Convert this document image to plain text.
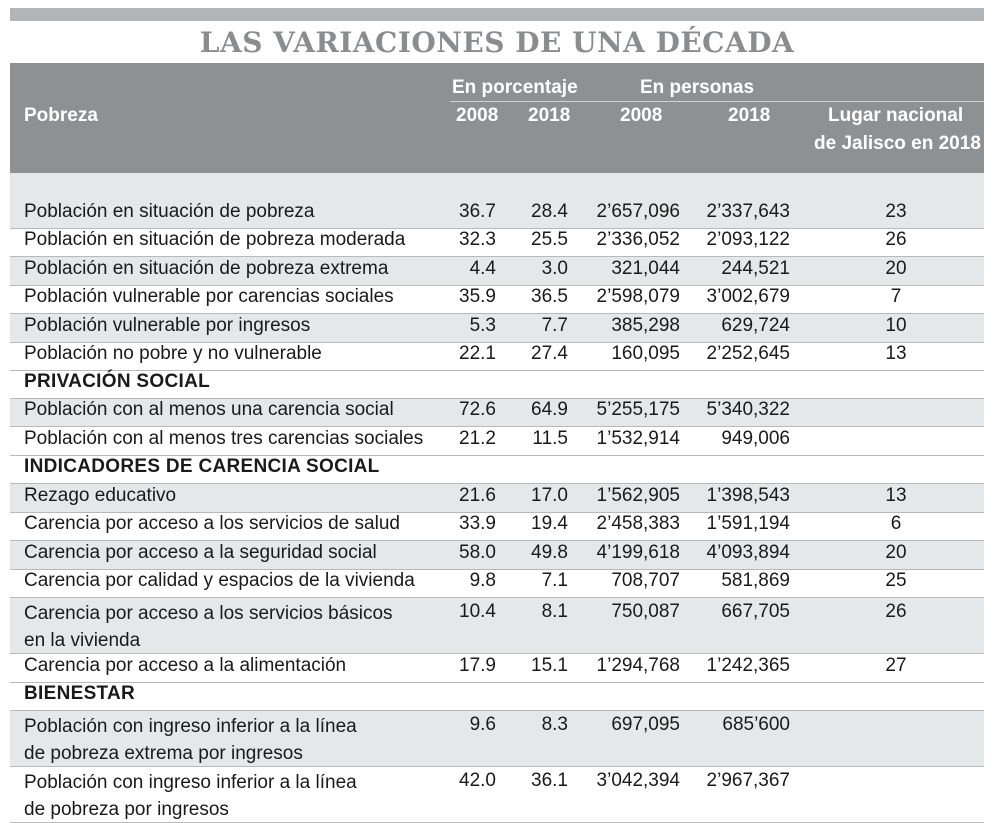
LAS VARIACIONES DE UNA DÉCADA
En porcentaje	En personas
Pobreza	2008 2018	2008	2018	Lugar nacional
de Jalisco en 2018
Población en situación de pobreza	36.7 28.4 2’657,096 2’337,643	23
Población en situación de pobreza moderada	32.3 25.5 2’336,052 2’093,122	26
Población en situación de pobreza extrema	4.4 3.0 321,044 244,521	20
Población vulnerable por carencias sociales	35.9 36.5 2’598,079 3’002,679	7
Población vulnerable por ingresos	5.3 7.7 385,298 629,724	10
Población no pobre y no vulnerable	22.1 27.4 160,095 2’252,645	13
PRIVACIÓN SOCIAL
Población con al menos una carencia social	72.6 64.9 5’255,175 5’340,322
Población con al menos tres carencias sociales 21.2 11.5 1’532,914 949,006
INDICADORES DE CARENCIA SOCIAL
Rezago educativo	21.6 17.0 1’562,905 1’398,543	13
Carencia por acceso a los servicios de salud	33.9 19.4 2’458,383 1’591,194	6
Carencia por acceso a la seguridad social	58.0 49.8 4’199,618 4’093,894	20
Carencia por calidad y espacios de la vivienda	9.8 7.1 708,707 581,869	25
Carencia por acceso a los servicios básicos
en la vivienda
10.4 8.1 750,087 667,705	26
Carencia por acceso a la alimentación	17.9 15.1 1’294,768 1’242,365	27
BIENESTAR
Población con ingreso inferior a la línea
de pobreza extrema por ingresos
9.6 8.3 697,095 685’600
Población con ingreso inferior a la línea
de pobreza por ingresos
42.0 36.1 3’042,394 2’967,367
